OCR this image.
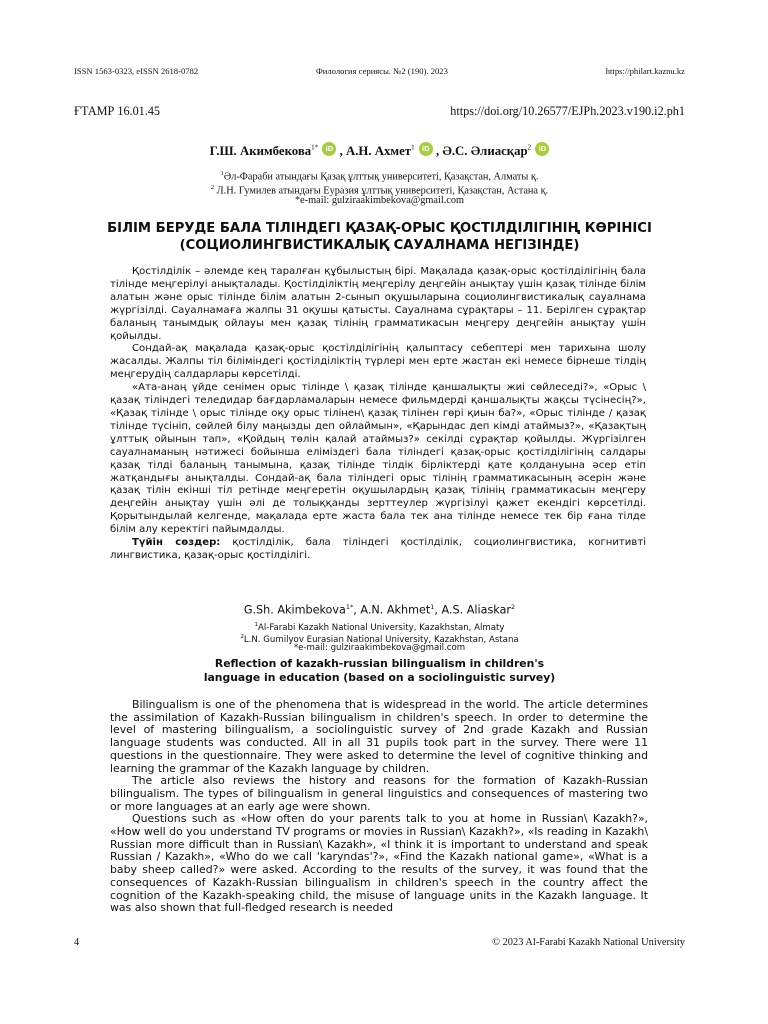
ISSN 1563-0323, eISSN 2618-0782	Филология сериясы. №2 (190). 2023	https://philart.kaznu.kz
ҒТАМР 16.01.45	https://doi.org/10.26577/EJPh.2023.v190.i2.ph1
Г.Ш. Акимбекова$^{1*}$ iD , А.Н. Ахмет$^1$ iD , Ә.С. Әлиасқар$^2$ iD
$^1$Әл-Фараби атындағы Қазақ ұлттық университеті, Қазақстан, Алматы қ.
$^2$ Л.Н. Гумилев атындағы Еуразия ұлттық университеті, Қазақстан, Астана қ.
*e-mail: gulziraakimbekova@gmail.com
БІЛІМ БЕРУДЕ БАЛА ТІЛІНДЕГІ ҚАЗАҚ-ОРЫС ҚОСТІЛДІЛІГІНІҢ КӨРІНІСІ
(СОЦИОЛИНГВИСТИКАЛЫҚ САУАЛНАМА НЕГІЗІНДЕ)

Қостілділік – әлемде кең таралған құбылыстың бірі. Мақалада қазақ-орыс қостілділігінің бала тілінде меңгерілуі анықталады. Қостілділіктің меңгерілу деңгейін анықтау үшін қазақ тілінде білім алатын және орыс тілінде білім алатын 2-сынып оқушыларына социолингвистикалық сауалнама жүргізілді. Сауалнамаға жалпы 31 оқушы қатысты. Сауалнама сұрақтары – 11. Берілген сұрақтар баланың танымдық ойлауы мен қазақ тілінің грамматикасын меңгеру деңгейін анықтау үшін қойылды.

Сондай-ақ мақалада қазақ-орыс қостілділігінің қалыптасу себептері мен тарихына шолу жасалды. Жалпы тіл біліміндегі қостілділіктің түрлері мен ерте жастан екі немесе бірнеше тілдің меңгерудің салдарлары көрсетілді.

«Ата-анаң үйде сенімен орыс тілінде \ қазақ тілінде қаншалықты жиі сөйлеседі?», «Орыс \ қазақ тіліндегі теледидар бағдарламаларын немесе фильмдерді қаншалықты жақсы түсінесің?», «Қазақ тілінде \ орыс тілінде оқу орыс тілінен\ қазақ тілінен гөрі қиын ба?», «Орыс тілінде / қазақ тілінде түсініп, сөйлей білу маңызды деп ойлаймын», «Қарындас деп кімді атаймыз?», «Қазақтың ұлттық ойынын тап», «Қойдың төлін қалай атаймыз?» секілді сұрақтар қойылды. Жүргізілген сауалнаманың нәтижесі бойынша еліміздегі бала тіліндегі қазақ-орыс қостілділігінің салдары қазақ тілді баланың танымына, қазақ тілінде тілдік бірліктерді қате қолдануына әсер етіп жатқандығы анықталды. Сондай-ақ бала тіліндегі орыс тілінің грамматикасының әсерін және қазақ тілін екінші тіл ретінде меңгеретін оқушылардың қазақ тілінің грамматикасын меңгеру деңгейін анықтау үшін әлі де толыққанды зерттеулер жүргізілуі қажет екендігі көрсетілді. Қорытындылай келгенде, мақалада ерте жаста бала тек ана тілінде немесе тек бір ғана тілде білім алу керектігі пайымдалды.

Түйін сөздер: қостілділік, бала тіліндегі қостілділік, социолингвистика, когнитивті лингвистика, қазақ-орыс қостілділігі.

G.Sh. Akimbekova$^{1*}$, A.N. Akhmet$^1$, A.S. Aliaskar$^2$
$^1$Al-Farabi Kazakh National University, Kazakhstan, Almaty
$^2$L.N. Gumilyov Eurasian National University, Kazakhstan, Astana
*e-mail: gulziraakimbekova@gmail.com
Reflection of kazakh-russian bilingualism in children's
language in education (based on a sociolinguistic survey)

Bilingualism is one of the phenomena that is widespread in the world. The article determines the assimilation of Kazakh-Russian bilingualism in children's speech. In order to determine the level of mastering bilingualism, a sociolinguistic survey of 2nd grade Kazakh and Russian language students was conducted. All in all 31 pupils took part in the survey. There were 11 questions in the questionnaire. They were asked to determine the level of cognitive thinking and learning the grammar of the Kazakh language by children.

The article also reviews the history and reasons for the formation of Kazakh-Russian bilingualism. The types of bilingualism in general linguistics and consequences of mastering two or more languages at an early age were shown.

Questions such as «How often do your parents talk to you at home in Russian\ Kazakh?», «How well do you understand TV programs or movies in Russian\ Kazakh?», «Is reading in Kazakh\ Russian more difficult than in Russian\ Kazakh», «I think it is important to understand and speak Russian / Kazakh», «Who do we call 'karyndas'?», «Find the Kazakh national game», «What is a baby sheep called?» were asked. According to the results of the survey, it was found that the consequences of Kazakh-Russian bilingualism in children's speech in the country affect the cognition of the Kazakh-speaking child, the misuse of language units in the Kazakh language. It was also shown that full-fledged research is needed

4	© 2023 Al-Farabi Kazakh National University
